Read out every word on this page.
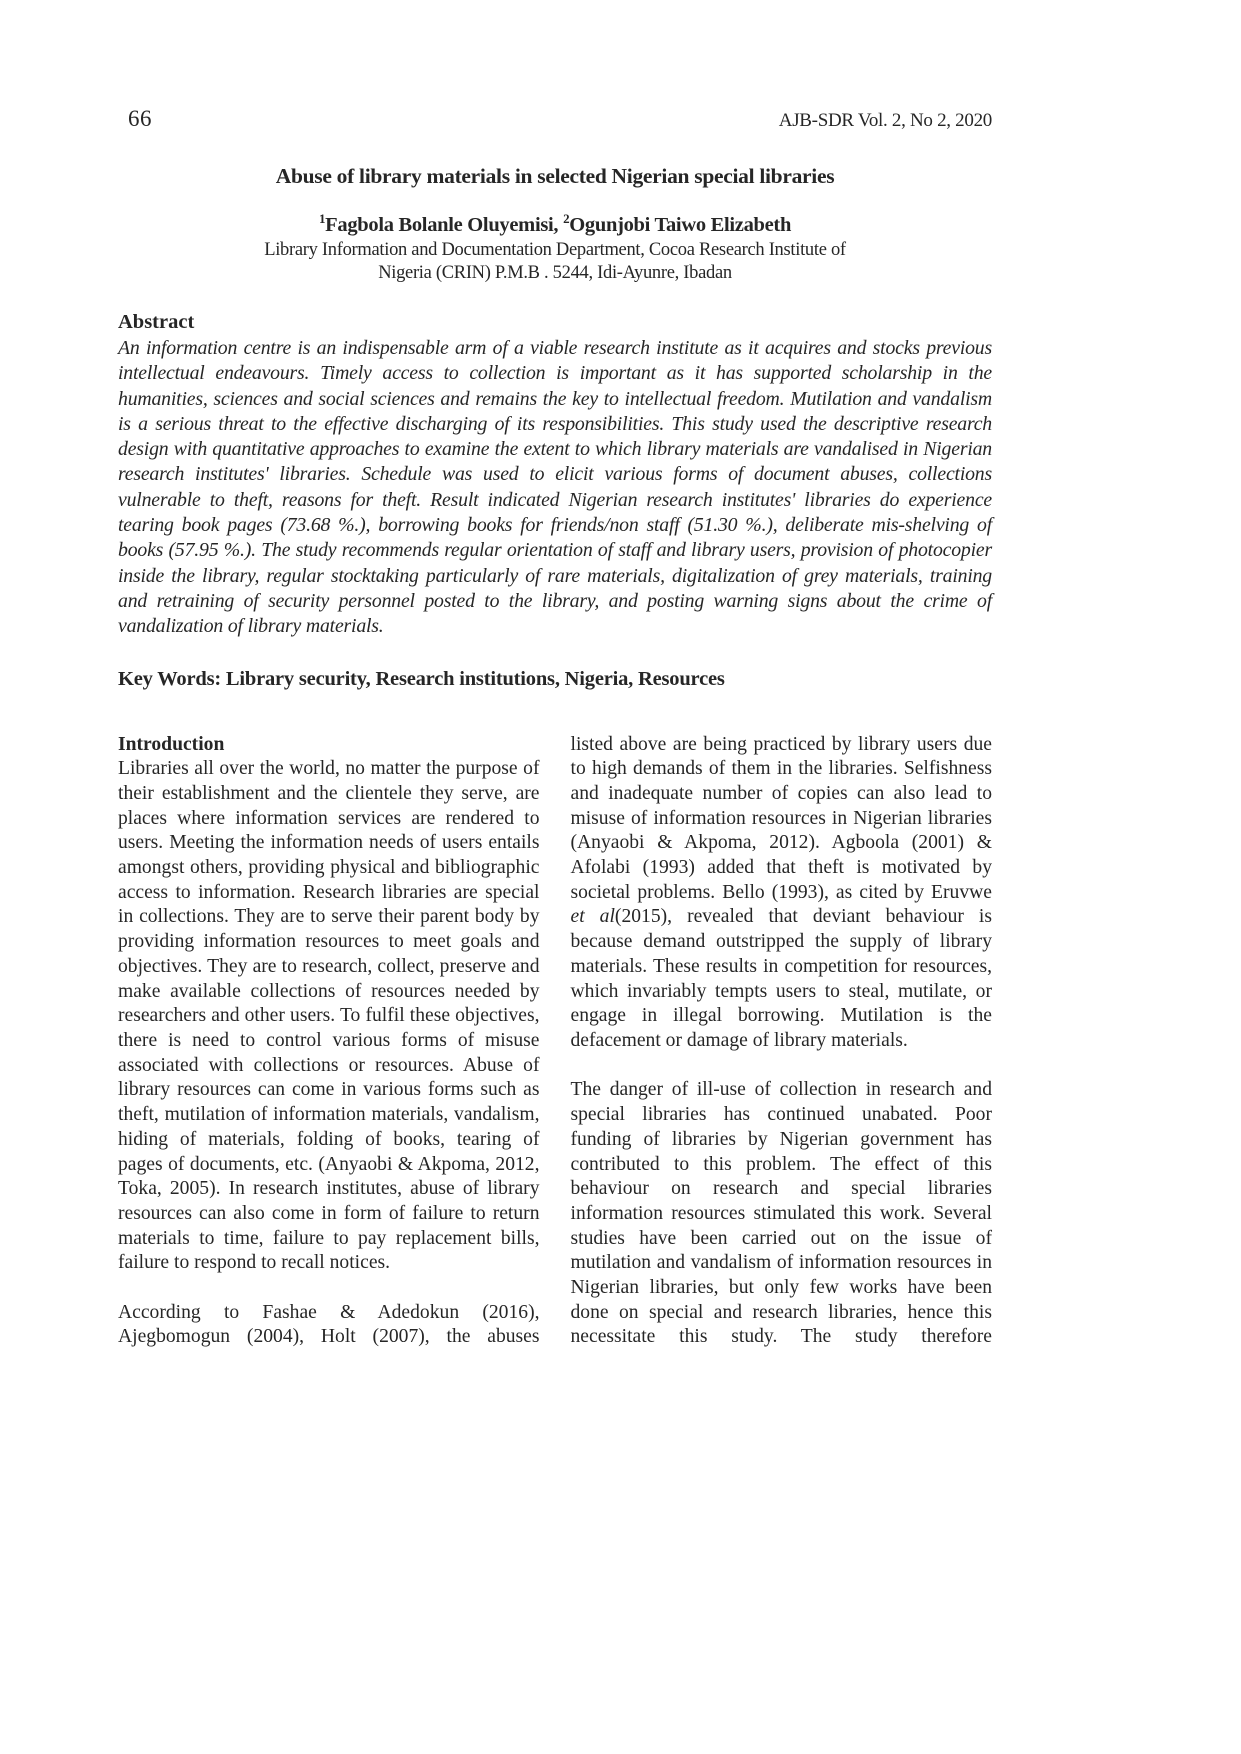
66	AJB-SDR Vol. 2, No 2, 2020
Abuse of library materials in selected Nigerian special libraries

$^1$Fagbola Bolanle Oluyemisi, $^2$Ogunjobi Taiwo Elizabeth

Library Information and Documentation Department, Cocoa Research Institute of

Nigeria (CRIN) P.M.B . 5244, Idi-Ayunre, Ibadan

Abstract

An information centre is an indispensable arm of a viable research institute as it acquires and stocks previous intellectual endeavours. Timely access to collection is important as it has supported scholarship in the humanities, sciences and social sciences and remains the key to intellectual freedom. Mutilation and vandalism is a serious threat to the effective discharging of its responsibilities. This study used the descriptive research design with quantitative approaches to examine the extent to which library materials are vandalised in Nigerian research institutes' libraries. Schedule was used to elicit various forms of document abuses, collections vulnerable to theft, reasons for theft. Result indicated Nigerian research institutes' libraries do experience tearing book pages (73.68 %.), borrowing books for friends/non staff (51.30 %.), deliberate mis-shelving of books (57.95 %.). The study recommends regular orientation of staff and library users, provision of photocopier inside the library, regular stocktaking particularly of rare materials, digitalization of grey materials, training and retraining of security personnel posted to the library, and posting warning signs about the crime of vandalization of library materials.

Key Words: Library security, Research institutions, Nigeria, Resources

Introduction

Libraries all over the world, no matter the purpose of their establishment and the clientele they serve, are places where information services are rendered to users. Meeting the information needs of users entails amongst others, providing physical and bibliographic access to information. Research libraries are special in collections. They are to serve their parent body by providing information resources to meet goals and objectives. They are to research, collect, preserve and make available collections of resources needed by researchers and other users. To fulfil these objectives, there is need to control various forms of misuse associated with collections or resources. Abuse of library resources can come in various forms such as theft, mutilation of information materials, vandalism, hiding of materials, folding of books, tearing of pages of documents, etc. (Anyaobi & Akpoma, 2012, Toka, 2005). In research institutes, abuse of library resources can also come in form of failure to return materials to time, failure to pay replacement bills, failure to respond to recall notices.

According to Fashae & Adedokun (2016), Ajegbomogun (2004), Holt (2007), the abuses

listed above are being practiced by library users due to high demands of them in the libraries. Selfishness and inadequate number of copies can also lead to misuse of information resources in Nigerian libraries (Anyaobi & Akpoma, 2012). Agboola (2001) & Afolabi (1993) added that theft is motivated by societal problems. Bello (1993), as cited by Eruvwe et al(2015), revealed that deviant behaviour is because demand outstripped the supply of library materials. These results in competition for resources, which invariably tempts users to steal, mutilate, or engage in illegal borrowing. Mutilation is the defacement or damage of library materials.

The danger of ill-use of collection in research and special libraries has continued unabated. Poor funding of libraries by Nigerian government has contributed to this problem. The effect of this behaviour on research and special libraries information resources stimulated this work. Several studies have been carried out on the issue of mutilation and vandalism of information resources in Nigerian libraries, but only few works have been done on special and research libraries, hence this necessitate this study. The study therefore
